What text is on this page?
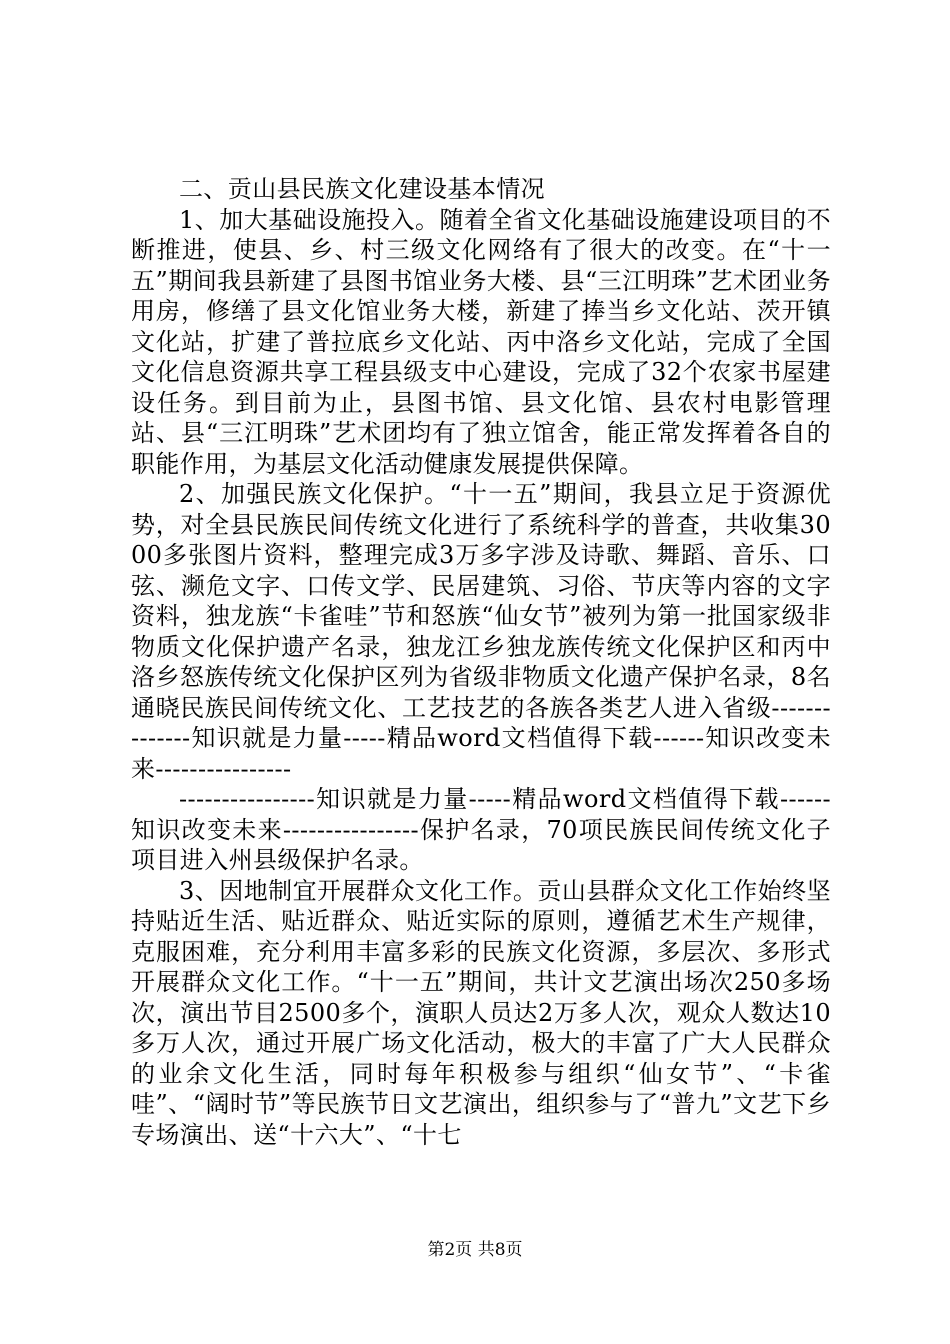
二、贡山县民族文化建设基本情况

1、加大基础设施投入。随着全省文化基础设施建设项目的不断推进，使县、乡、村三级文化网络有了很大的改变。在“十一五”期间我县新建了县图书馆业务大楼、县“三江明珠”艺术团业务用房，修缮了县文化馆业务大楼，新建了捧当乡文化站、茨开镇文化站，扩建了普拉底乡文化站、丙中洛乡文化站，完成了全国文化信息资源共享工程县级支中心建设，完成了32个农家书屋建设任务。到目前为止，县图书馆、县文化馆、县农村电影管理站、县“三江明珠”艺术团均有了独立馆舍，能正常发挥着各自的职能作用，为基层文化活动健康发展提供保障。

2、加强民族文化保护。“十一五”期间，我县立足于资源优势，对全县民族民间传统文化进行了系统科学的普查，共收集3000多张图片资料，整理完成3万多字涉及诗歌、舞蹈、音乐、口弦、濒危文字、口传文学、民居建筑、习俗、节庆等内容的文字资料，独龙族“卡雀哇”节和怒族“仙女节”被列为第一批国家级非物质文化保护遗产名录，独龙江乡独龙族传统文化保护区和丙中洛乡怒族传统文化保护区列为省级非物质文化遗产保护名录，8名通晓民族民间传统文化、工艺技艺的各族各类艺人进入省级--------------知识就是力量-----精品word文档值得下载------知识改变未来----------------

----------------知识就是力量-----精品word文档值得下载------知识改变未来----------------保护名录，70项民族民间传统文化子项目进入州县级保护名录。

3、因地制宜开展群众文化工作。贡山县群众文化工作始终坚持贴近生活、贴近群众、贴近实际的原则，遵循艺术生产规律，克服困难，充分利用丰富多彩的民族文化资源，多层次、多形式开展群众文化工作。“十一五”期间，共计文艺演出场次250多场次，演出节目2500多个，演职人员达2万多人次，观众人数达10多万人次，通过开展广场文化活动，极大的丰富了广大人民群众的业余文化生活，同时每年积极参与组织“仙女节”、“卡雀哇”、“阔时节”等民族节日文艺演出，组织参与了“普九”文艺下乡专场演出、送“十六大”、“十七

第2页 共8页
